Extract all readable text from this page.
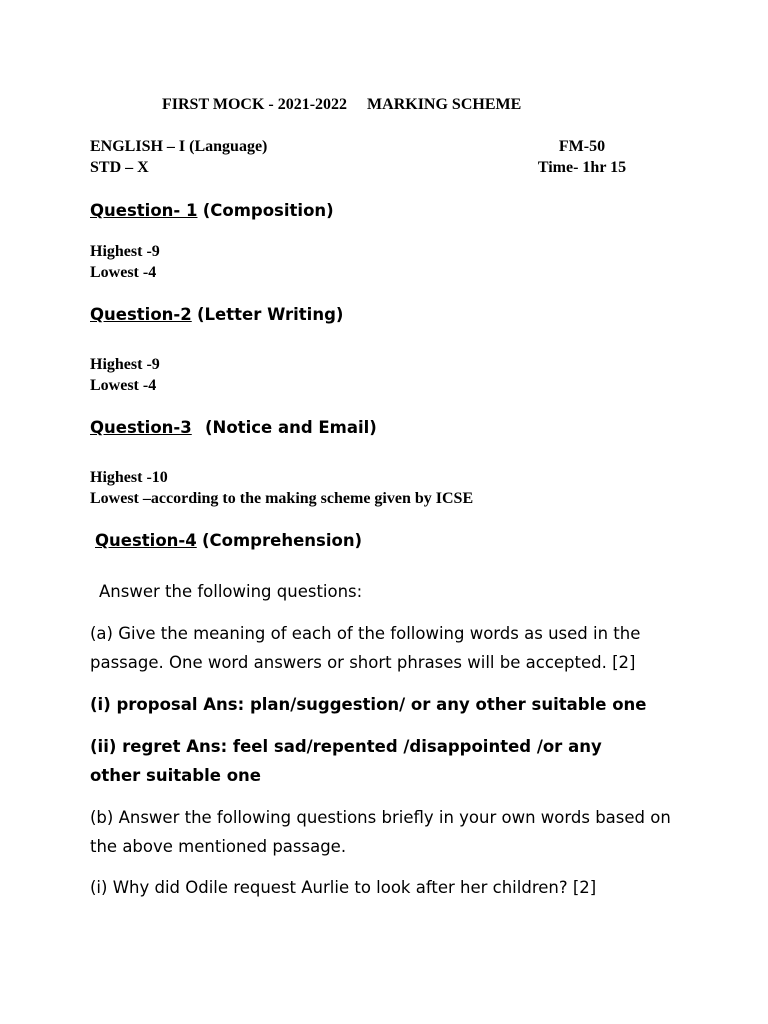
FIRST MOCK - 2021-2022 MARKING SCHEME
ENGLISH – I (Language)	FM-50
STD – X	Time- 1hr 15
Question- 1 (Composition)
Highest -9
Lowest -4
Question-2 (Letter Writing)
Highest -9
Lowest -4
Question-3 (Notice and Email)
Highest -10
Lowest –according to the making scheme given by ICSE
Question-4 (Comprehension)
Answer the following questions:
(a) Give the meaning of each of the following words as used in the passage. One word answers or short phrases will be accepted. [2]
(i) proposal Ans: plan/suggestion/ or any other suitable one
(ii) regret Ans: feel sad/repented /disappointed /or any other suitable one
(b) Answer the following questions briefly in your own words based on the above mentioned passage.
(i) Why did Odile request Aurlie to look after her children? [2]
